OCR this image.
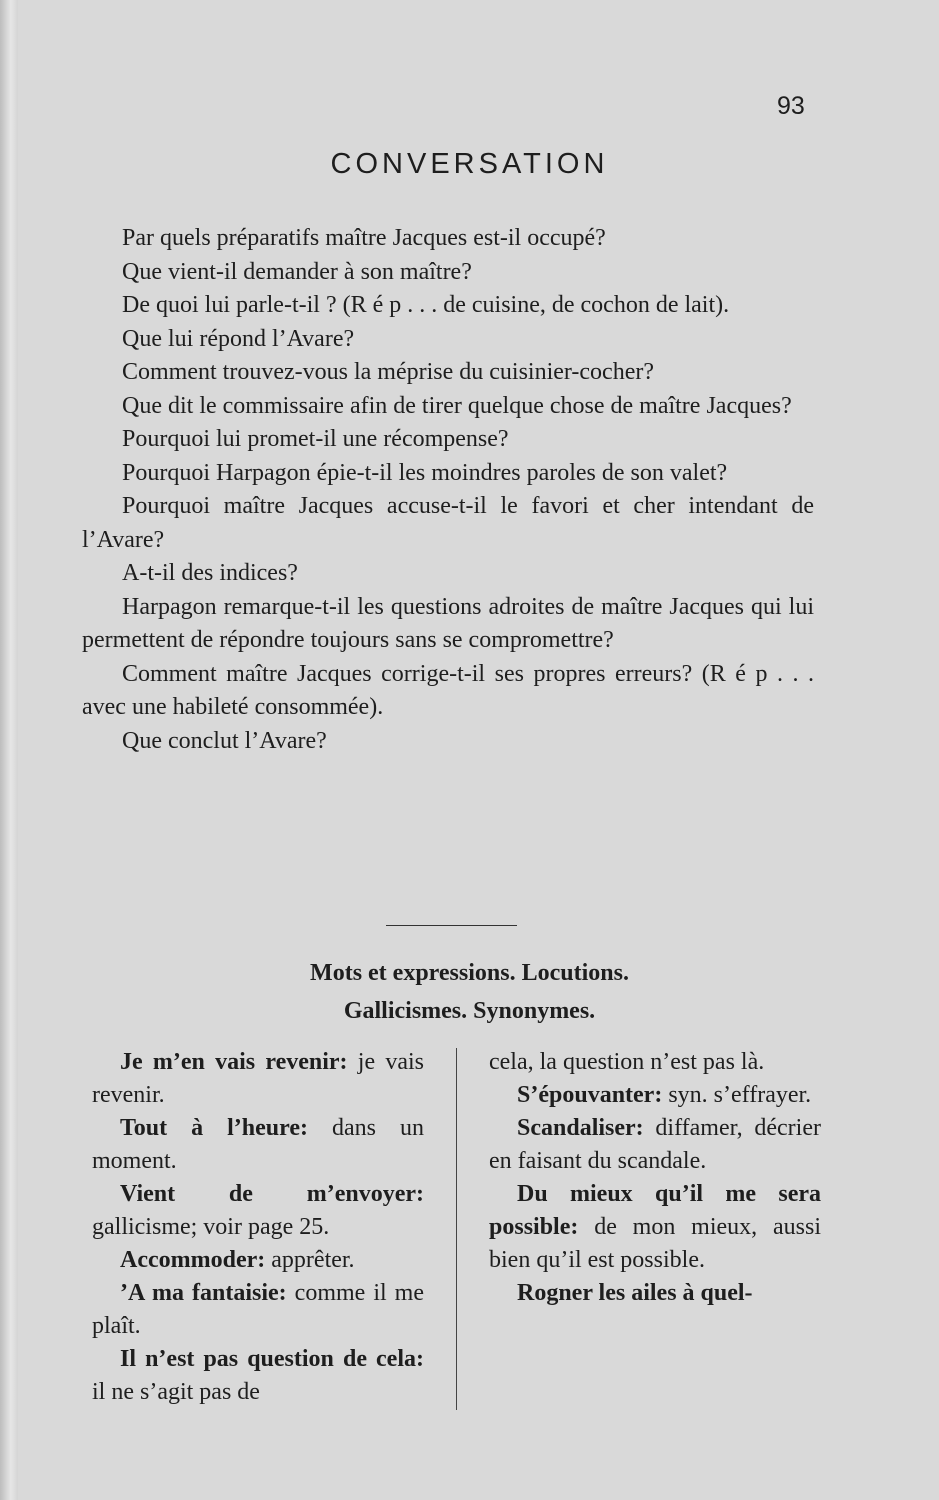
93
CONVERSATION

Par quels préparatifs maître Jacques est-il occupé?

Que vient-il demander à son maître?

De quoi lui parle-t-il ? (R é p . . . de cuisine, de cochon de lait).

Que lui répond l’Avare?

Comment trouvez-vous la méprise du cuisinier-cocher?

Que dit le commissaire afin de tirer quelque chose de maître Jacques?

Pourquoi lui promet-il une récompense?

Pourquoi Harpagon épie-t-il les moindres paroles de son valet?

Pourquoi maître Jacques accuse-t-il le favori et cher intendant de l’Avare?

A-t-il des indices?

Harpagon remarque-t-il les questions adroites de maître Jacques qui lui permettent de répondre toujours sans se compromettre?

Comment maître Jacques corrige-t-il ses propres erreurs? (R é p . . . avec une habileté consommée).

Que conclut l’Avare?

Mots et expressions. Locutions.
Gallicismes. Synonymes.

Je m’en vais revenir: je vais revenir.

Tout à l’heure: dans un moment.

Vient de m’envoyer: gallicisme; voir page 25.

Accommoder: apprêter.

’A ma fantaisie: comme il me plaît.

Il n’est pas question de cela: il ne s’agit pas de

cela, la question n’est pas là.

S’épouvanter: syn. s’effrayer.

Scandaliser: diffamer, décrier en faisant du scandale.

Du mieux qu’il me sera possible: de mon mieux, aussi bien qu’il est possible.

Rogner les ailes à quel-
